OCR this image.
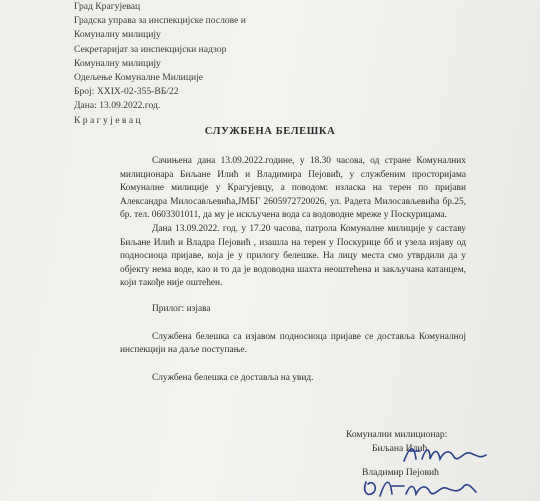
Град Крагујевац
Градска управа за инспекцијске послове и
Комуналну милицију
Секретаријат за инспекцијски надзор
Комуналну милицију
Одељење Комуналне Милиције
Број: XXIX-02-355-ВБ/22
Дана: 13.09.2022.год.
К р а г у ј е в а ц
СЛУЖБЕНА БЕЛЕШКА

Сачињена дана 13.09.2022.године, у 18.30 часова, од стране Комуналних милиционара Биљане Илић и Владимира Пејовић, у службеним просторијама Комуналне милиције у Крагујевцу, а поводом: изласка на терен по пријави Александра Милосављевића,ЈМБГ 2605972720026, ул. Радета Милосављевића бр.25, бр. тел. 0603301011, да му је искључена вода са водоводне мреже у Поскурицама.

Дана 13.09.2022. год. у 17.20 часова, патрола Комуналне милиције у саставу Биљане Илић и Владра Пејовић , изашла на терен у Поскурице бб и узела изјаву од подносиоца пријаве, која је у прилогу белешке. На лицу места смо утврдили да у објекту нема воде, као и то да је водоводна шахта неоштећена и закључана катанцем, који такође није оштећен.

Прилог: изјава

Службена белешка са изјавом подносиоца пријаве се доставља Комуналној инспекцији на даље поступање.

Службена белешка се доставља на увид.

Комунални милиционар:
Биљана Илић
Владимир Пејовић
